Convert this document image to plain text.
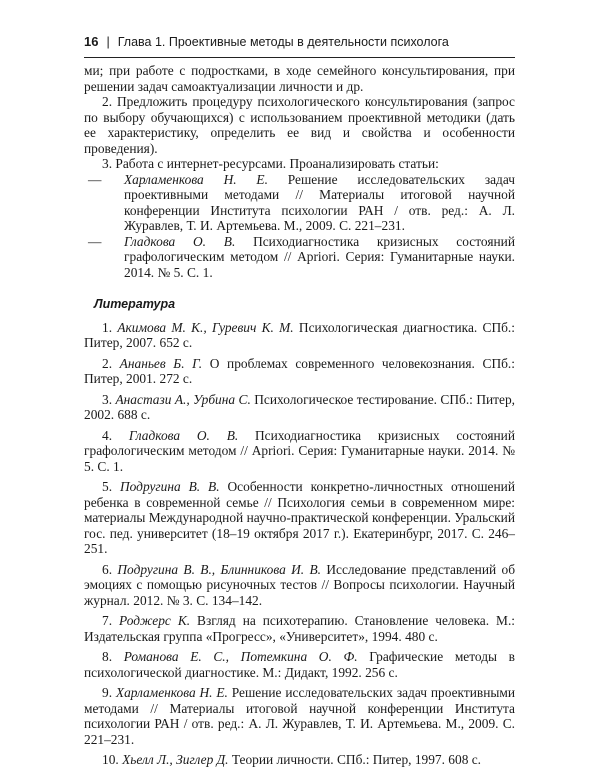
16 | Глава 1. Проективные методы в деятельности психолога

ми; при работе с подростками, в ходе семейного консультирования, при решении задач самоактуализации личности и др.

2. Предложить процедуру психологического консультирования (запрос по выбору обучающихся) с использованием проективной методики (дать ее характеристику, определить ее вид и свойства и особенности проведения).

3. Работа с интернет-ресурсами. Проанализировать статьи:

— Харламенкова Н. Е. Решение исследовательских задач проективными методами // Материалы итоговой научной конференции Института психологии РАН / отв. ред.: А. Л. Журавлев, Т. И. Артемьева. М., 2009. С. 221–231.

— Гладкова О. В. Психодиагностика кризисных состояний графологическим методом // Apriori. Серия: Гуманитарные науки. 2014. № 5. С. 1.

Литература

1. Акимова М. К., Гуревич К. М. Психологическая диагностика. СПб.: Питер, 2007. 652 с.

2. Ананьев Б. Г. О проблемах современного человекознания. СПб.: Питер, 2001. 272 с.

3. Анастази А., Урбина С. Психологическое тестирование. СПб.: Питер, 2002. 688 с.

4. Гладкова О. В. Психодиагностика кризисных состояний графологическим методом // Apriori. Серия: Гуманитарные науки. 2014. № 5. С. 1.

5. Подругина В. В. Особенности конкретно-личностных отношений ребенка в современной семье // Психология семьи в современном мире: материалы Международной научно-практической конференции. Уральский гос. пед. университет (18–19 октября 2017 г.). Екатеринбург, 2017. С. 246–251.

6. Подругина В. В., Блинникова И. В. Исследование представлений об эмоциях с помощью рисуночных тестов // Вопросы психологии. Научный журнал. 2012. № 3. С. 134–142.

7. Роджерс К. Взгляд на психотерапию. Становление человека. М.: Издательская группа «Прогресс», «Университет», 1994. 480 с.

8. Романова Е. С., Потемкина О. Ф. Графические методы в психологической диагностике. М.: Дидакт, 1992. 256 с.

9. Харламенкова Н. Е. Решение исследовательских задач проективными методами // Материалы итоговой научной конференции Института психологии РАН / отв. ред.: А. Л. Журавлев, Т. И. Артемьева. М., 2009. С. 221–231.

10. Хьелл Л., Зиглер Д. Теории личности. СПб.: Питер, 1997. 608 с.
